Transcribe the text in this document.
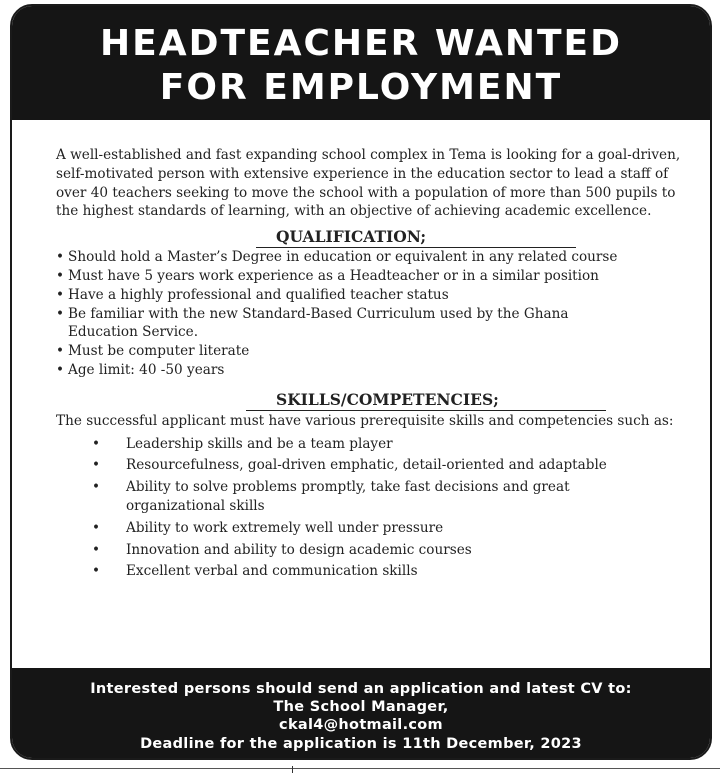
HEADTEACHER WANTED
FOR EMPLOYMENT

A well-established and fast expanding school complex in Tema is looking for a goal-driven, self-motivated person with extensive experience in the education sector to lead a staff of over 40 teachers seeking to move the school with a population of more than 500 pupils to the highest standards of learning, with an objective of achieving academic excellence.

QUALIFICATION;
• Should hold a Master’s Degree in education or equivalent in any related course
• Must have 5 years work experience as a Headteacher or in a similar position
• Have a highly professional and qualified teacher status
• Be familiar with the new Standard-Based Curriculum used by the Ghana Education Service.
• Must be computer literate
• Age limit: 40 -50 years
SKILLS/COMPETENCIES;

The successful applicant must have various prerequisite skills and competencies such as:

• Leadership skills and be a team player
• Resourcefulness, goal-driven emphatic, detail-oriented and adaptable
• Ability to solve problems promptly, take fast decisions and great organizational skills
• Ability to work extremely well under pressure
• Innovation and ability to design academic courses
• Excellent verbal and communication skills
Interested persons should send an application and latest CV to:
The School Manager,
ckal4@hotmail.com
Deadline for the application is 11th December, 2023
